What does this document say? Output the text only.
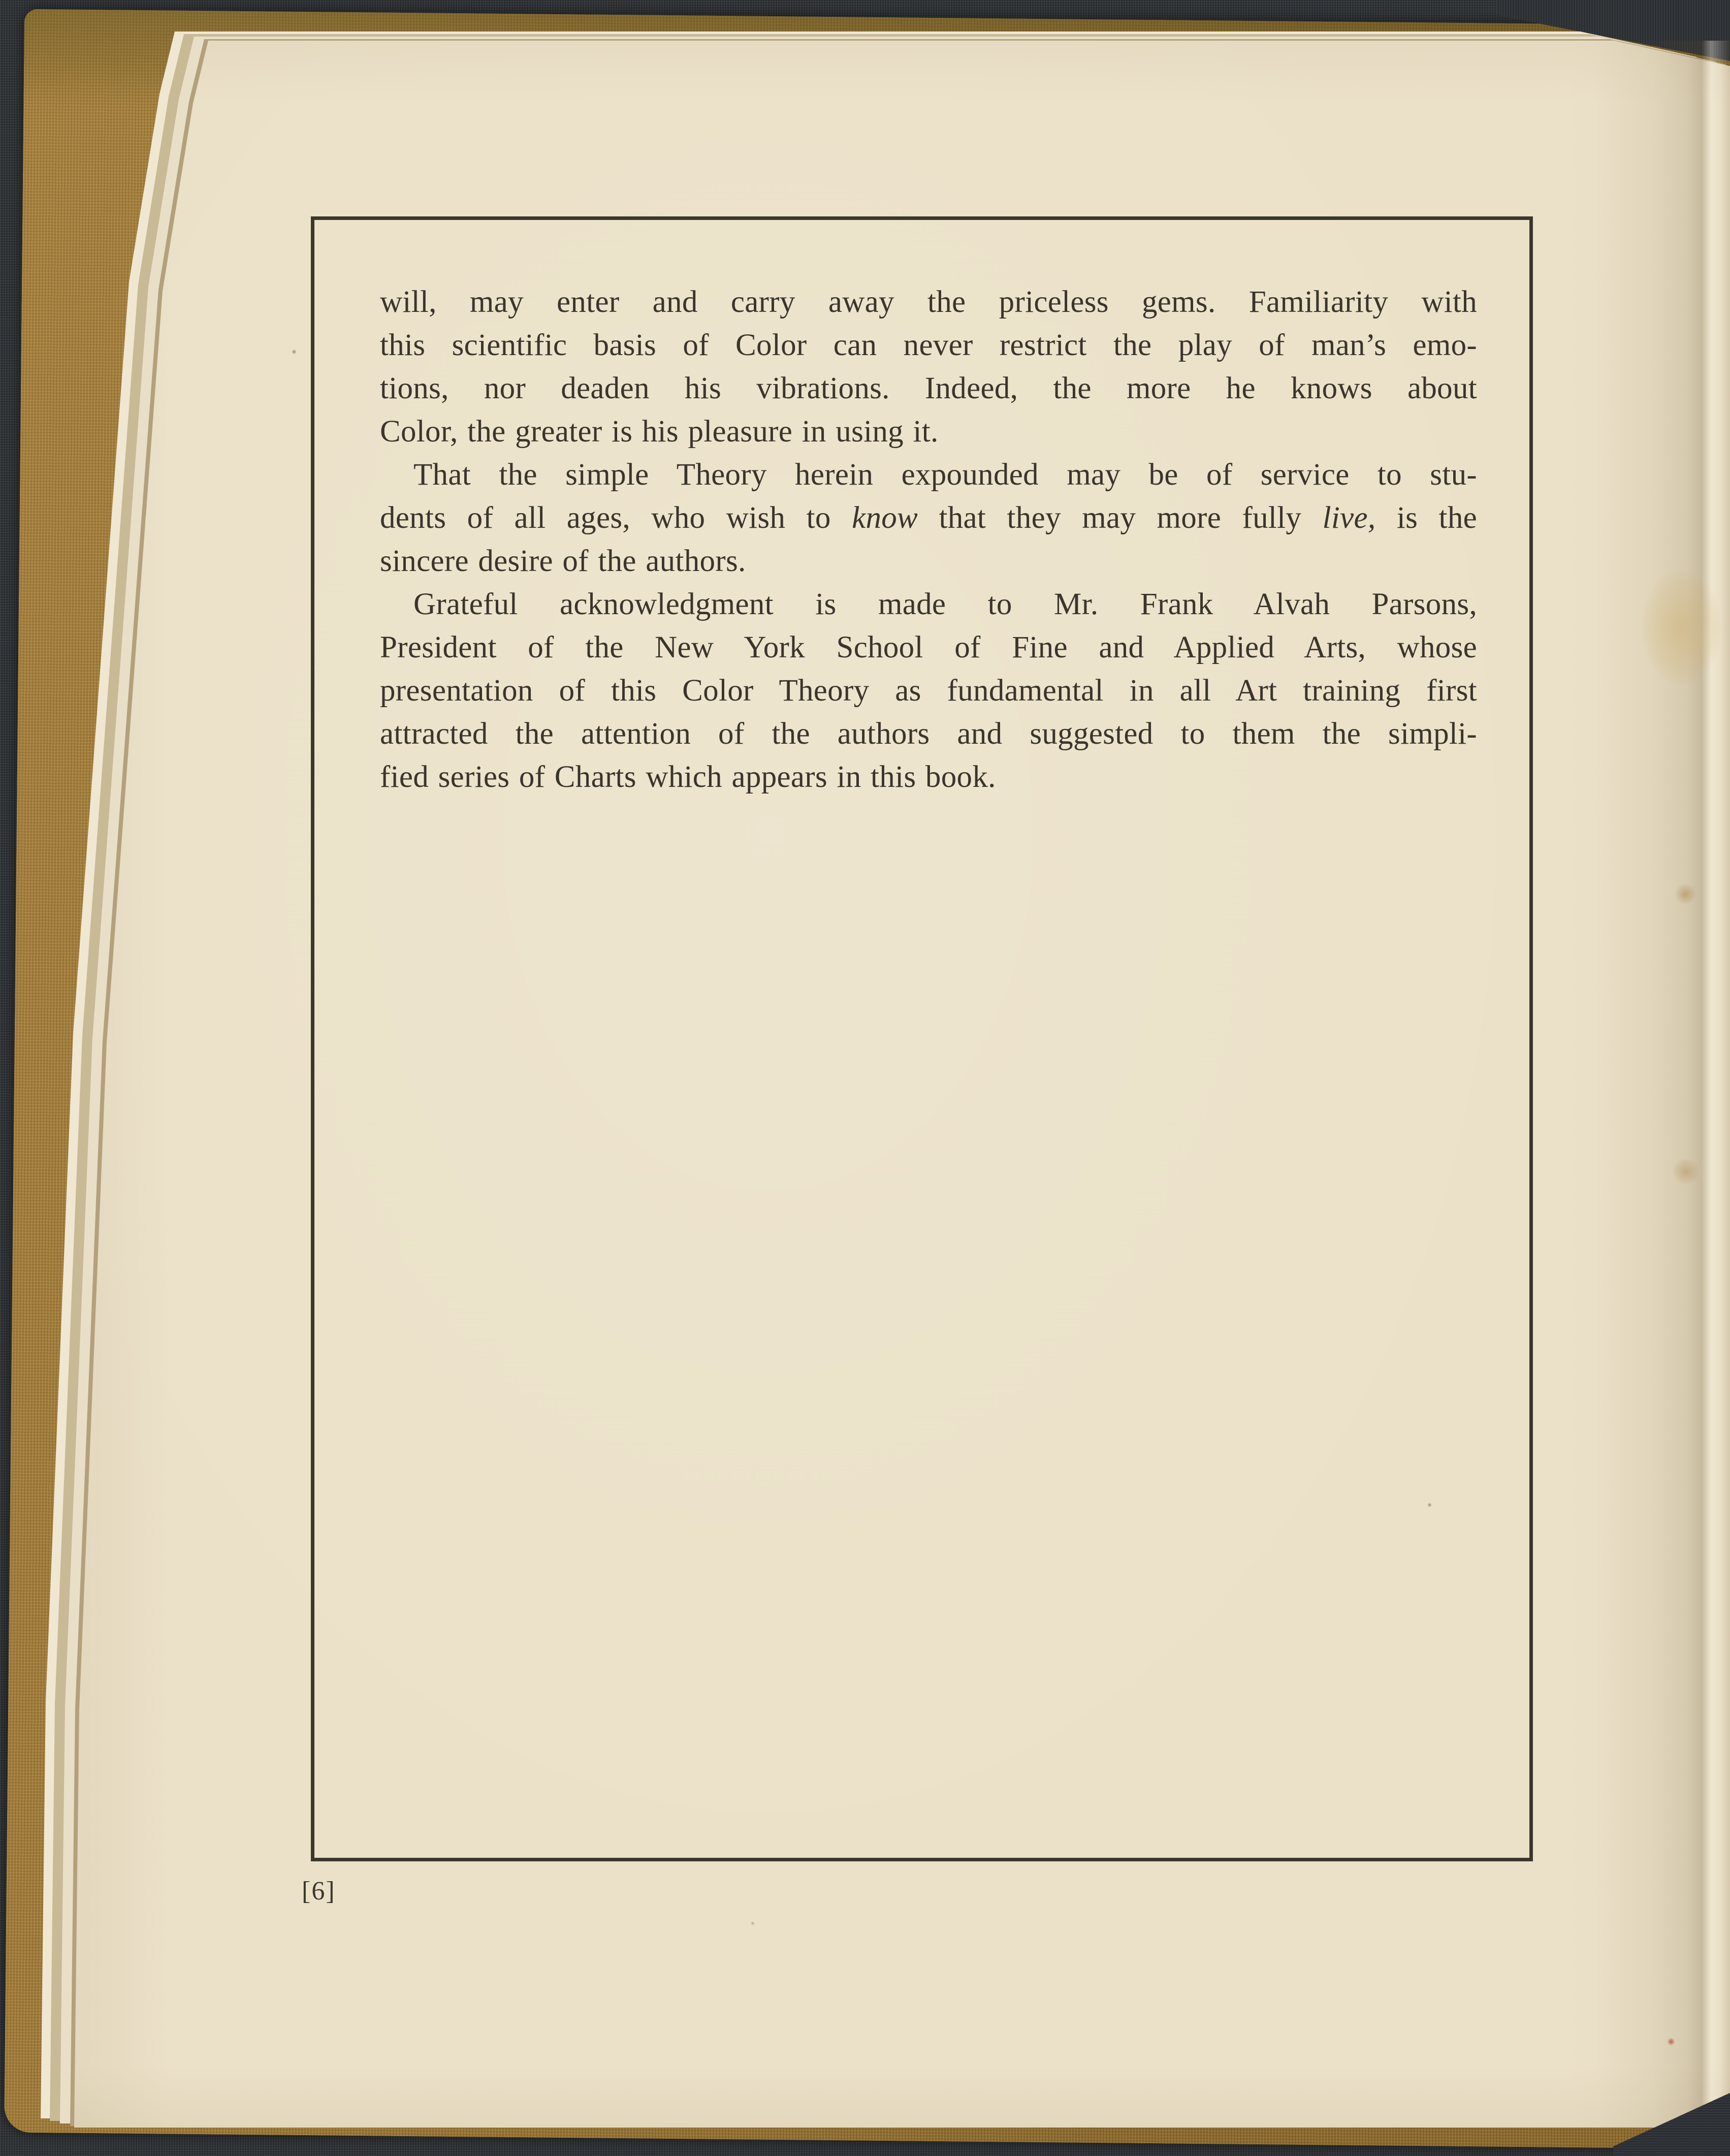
will, may enter and carry away the priceless gems. Familiarity with
this scientific basis of Color can never restrict the play of man’s emo-
tions, nor deaden his vibrations. Indeed, the more he knows about
Color, the greater is his pleasure in using it.
That the simple Theory herein expounded may be of service to stu-
dents of all ages, who wish to know that they may more fully live, is the
sincere desire of the authors.
Grateful acknowledgment is made to Mr. Frank Alvah Parsons,
President of the New York School of Fine and Applied Arts, whose
presentation of this Color Theory as fundamental in all Art training first
attracted the attention of the authors and suggested to them the simpli-
fied series of Charts which appears in this book.
[6]
